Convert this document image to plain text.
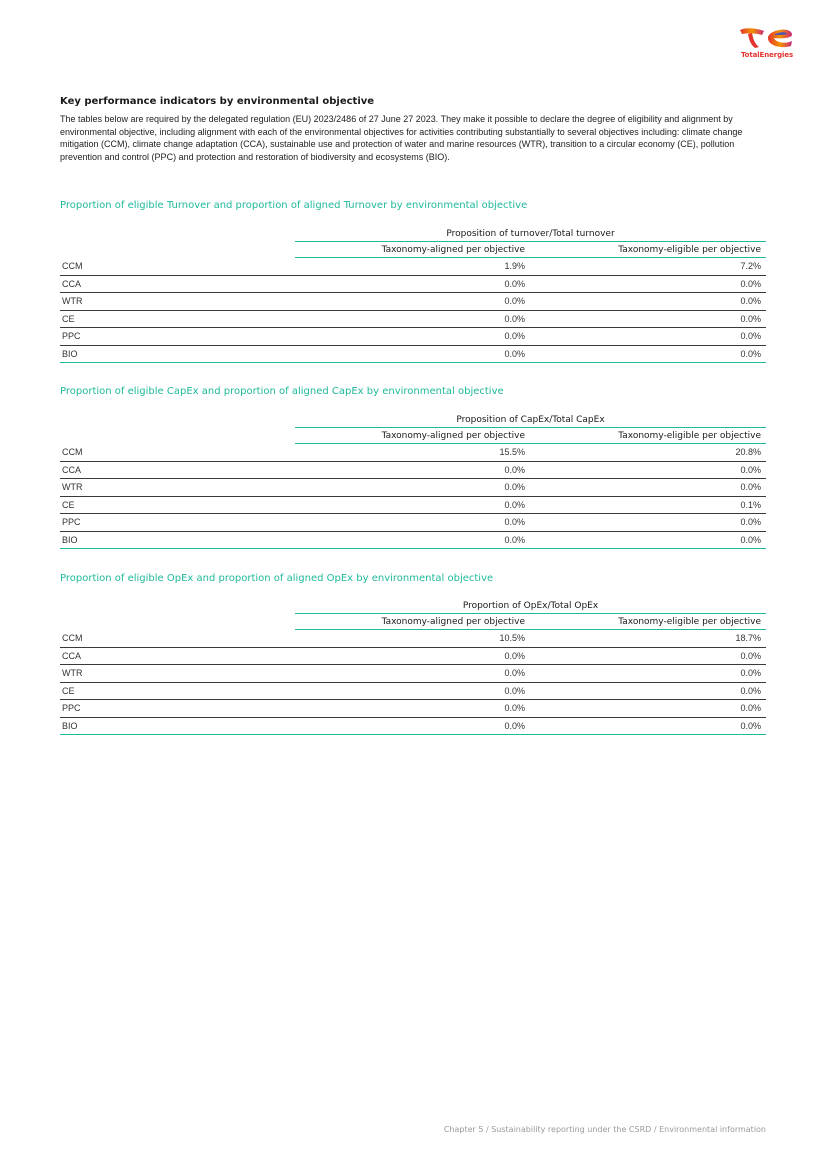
TotalEnergies

Key performance indicators by environmental objective

The tables below are required by the delegated regulation (EU) 2023/2486 of 27 June 27 2023. They make it possible to declare the degree of eligibility and alignment by environmental objective, including alignment with each of the environmental objectives for activities contributing substantially to several objectives including: climate change mitigation (CCM), climate change adaptation (CCA), sustainable use and protection of water and marine resources (WTR), transition to a circular economy (CE), pollution prevention and control (PPC) and protection and restoration of biodiversity and ecosystems (BIO).

Proportion of eligible Turnover and proportion of aligned Turnover by environmental objective

	Proposition of turnover/Total turnover	
	Taxonomy-aligned per objective	Taxonomy-eligible per objective
CCM	1.9%	7.2%
CCA	0.0%	0.0%
WTR	0.0%	0.0%
CE	0.0%	0.0%
PPC	0.0%	0.0%
BIO	0.0%	0.0%

Proportion of eligible CapEx and proportion of aligned CapEx by environmental objective

	Proposition of CapEx/Total CapEx	
	Taxonomy-aligned per objective	Taxonomy-eligible per objective
CCM	15.5%	20.8%
CCA	0.0%	0.0%
WTR	0.0%	0.0%
CE	0.0%	0.1%
PPC	0.0%	0.0%
BIO	0.0%	0.0%

Proportion of eligible OpEx and proportion of aligned OpEx by environmental objective

	Proportion of OpEx/Total OpEx	
	Taxonomy-aligned per objective	Taxonomy-eligible per objective
CCM	10.5%	18.7%
CCA	0.0%	0.0%
WTR	0.0%	0.0%
CE	0.0%	0.0%
PPC	0.0%	0.0%
BIO	0.0%	0.0%
Chapter 5 / Sustainability reporting under the CSRD / Environmental information
